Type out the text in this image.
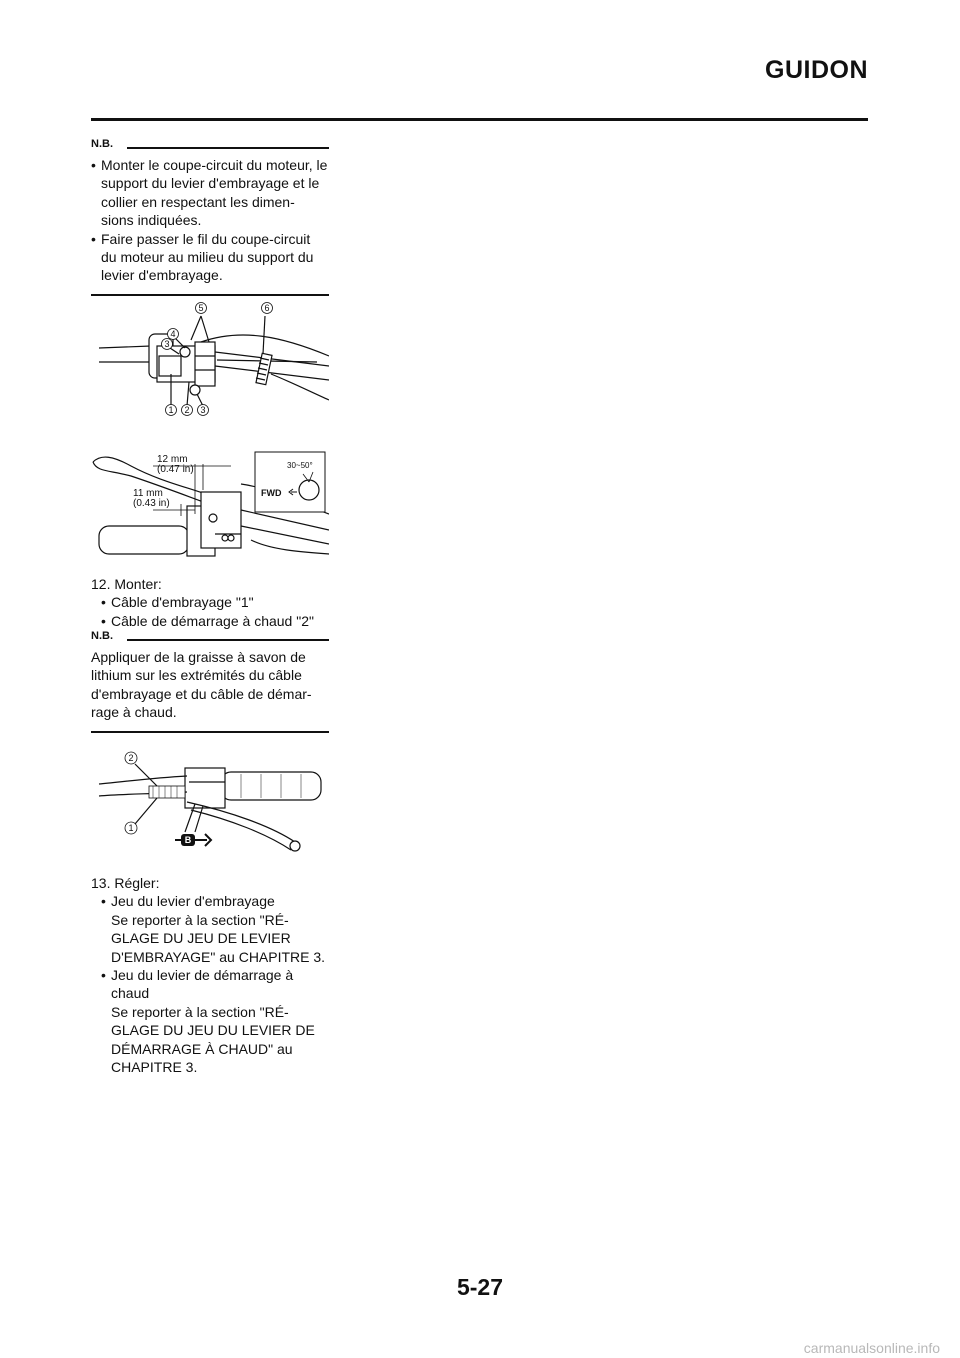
GUIDON
N.B.
• Monter le coupe-circuit du moteur, le support du levier d'embrayage et le collier en respectant les dimen- sions indiquées.
• Faire passer le fil du coupe-circuit du moteur au milieu du support du levier d'embrayage.
5	6
4
3
1 2 3
12 mm
(0.47 in)
11 mm
(0.43 in)
30~50°
FWD
12. Monter:
• Câble d'embrayage "1"
• Câble de démarrage à chaud "2"
N.B.

Appliquer de la graisse à savon de lithium sur les extrémités du câble d'embrayage et du câble de démar- rage à chaud.

2
1
B
13. Régler:
• Jeu du levier d'embrayage
Se reporter à la section "RÉ- GLAGE DU JEU DE LEVIER D'EMBRAYAGE" au CHAPITRE 3.
• Jeu du levier de démarrage à chaud
Se reporter à la section "RÉ- GLAGE DU JEU DU LEVIER DE DÉMARRAGE À CHAUD" au CHAPITRE 3.
5-27
carmanualsonline.info
